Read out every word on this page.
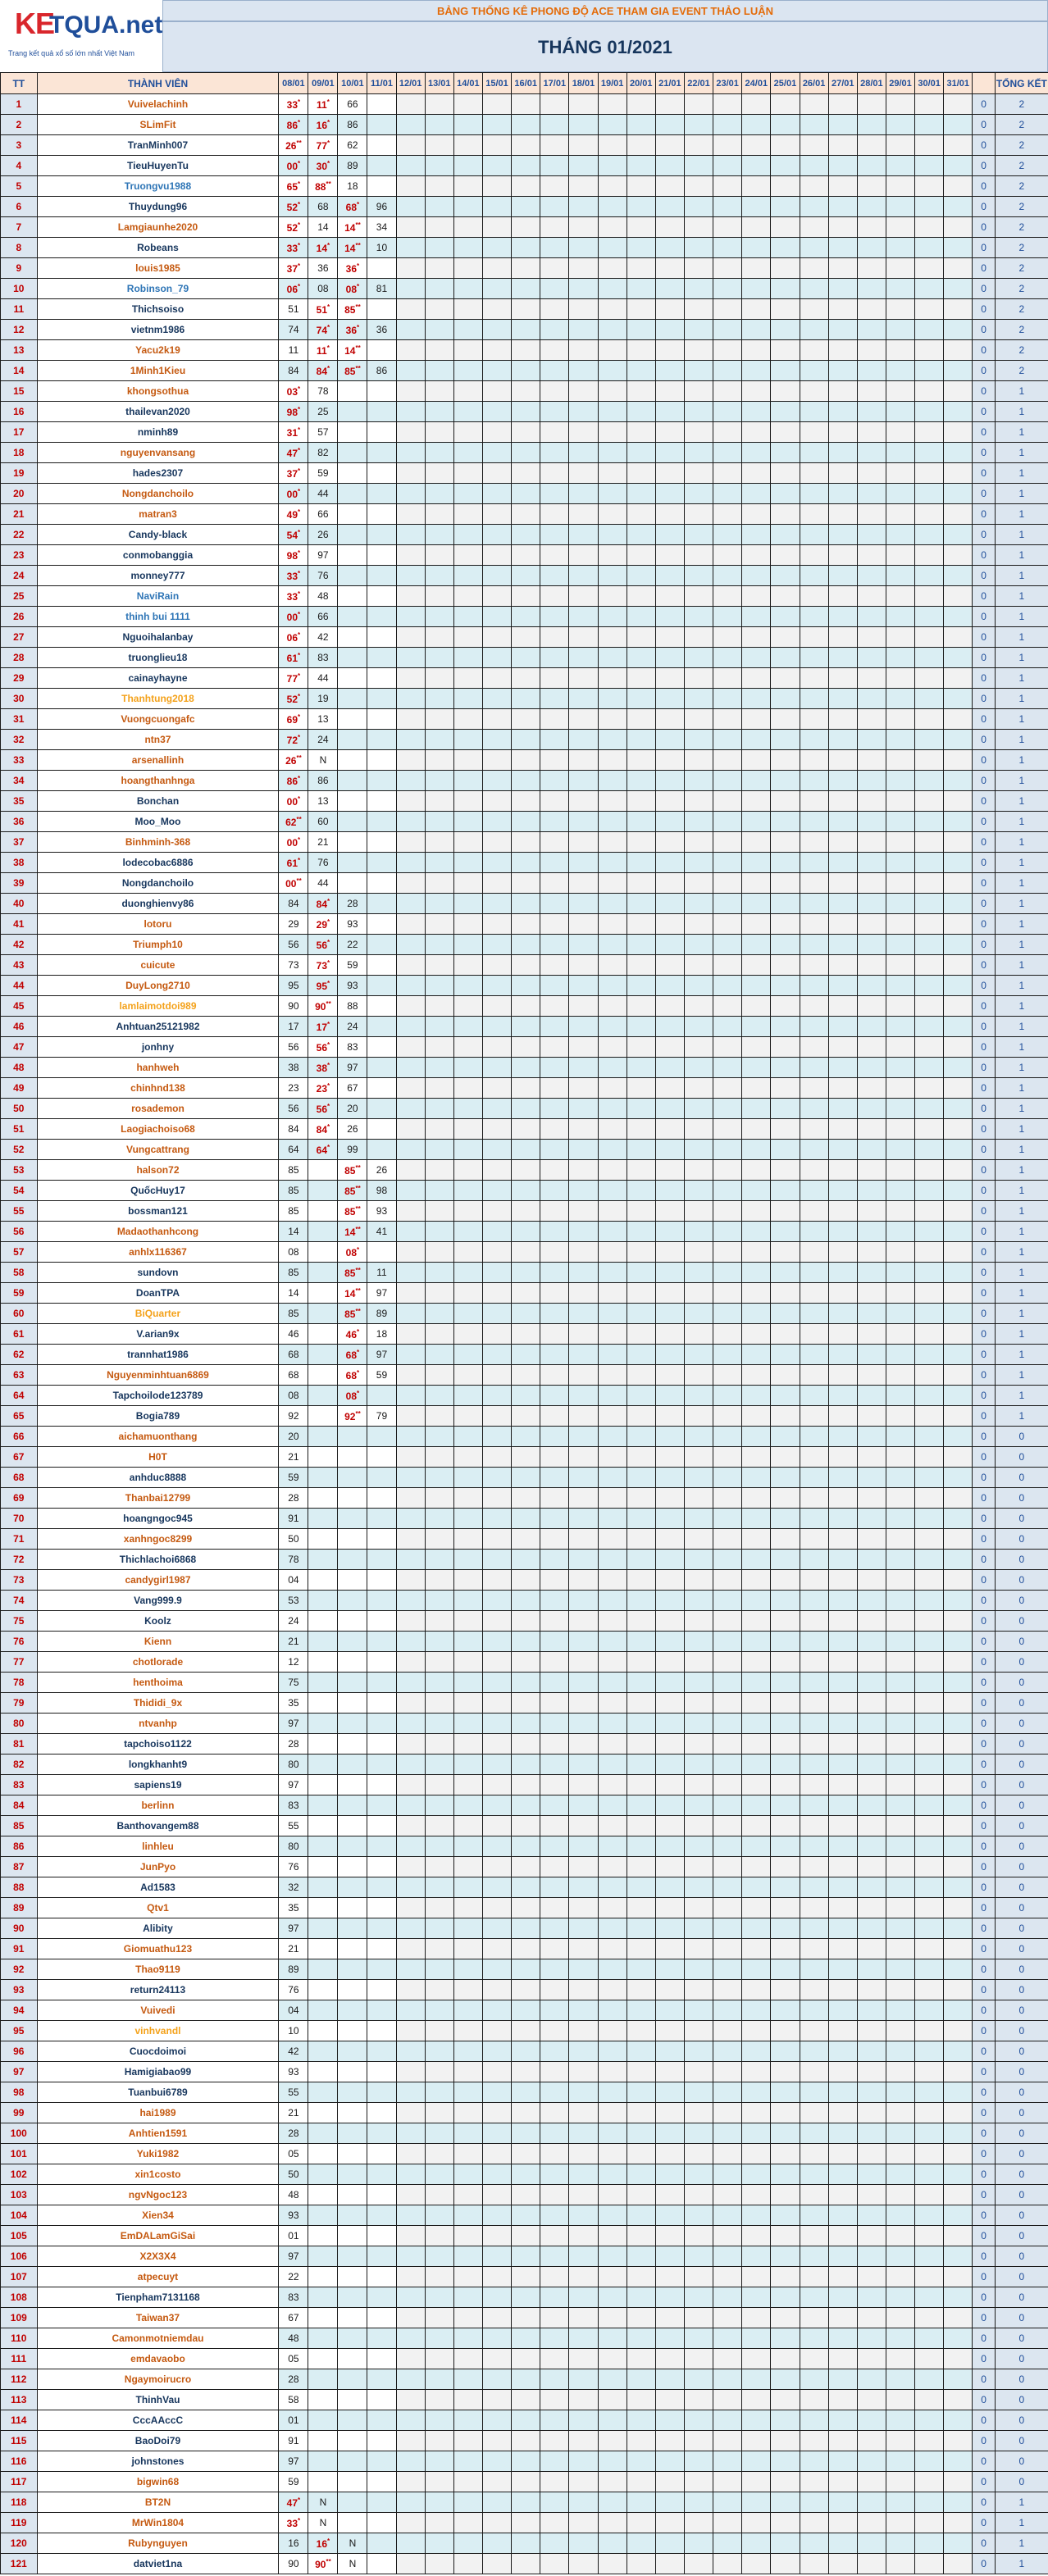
KE
TQUA.net
Trang kết quả xổ số lớn nhất Việt Nam
BẢNG THỐNG KÊ PHONG ĐỘ ACE THAM GIA EVENT THẢO LUẬN
THÁNG 01/2021
TT	THÀNH VIÊN	08/01	09/01	10/01	11/01	12/01	13/01	14/01	15/01	16/01	17/01	18/01	19/01	20/01	21/01	22/01	23/01	24/01	25/01	26/01	27/01	28/01	29/01	30/01	31/01		TỔNG KẾT
1	Vuivelachinh	33*	11*	66																						0	2
2	SLimFit	86*	16*	86																						0	2
3	TranMinh007	26**	77*	62																						0	2
4	TieuHuyenTu	00*	30*	89																						0	2
5	Truongvu1988	65*	88**	18																						0	2
6	Thuydung96	52*	68	68*	96																					0	2
7	Lamgiaunhe2020	52*	14	14**	34																					0	2
8	Robeans	33*	14*	14**	10																					0	2
9	louis1985	37*	36	36*																						0	2
10	Robinson_79	06*	08	08*	81																					0	2
11	Thichsoiso	51	51*	85**																						0	2
12	vietnm1986	74	74*	36*	36																					0	2
13	Yacu2k19	11	11*	14**																						0	2
14	1Minh1Kieu	84	84*	85**	86																					0	2
15	khongsothua	03*	78																							0	1
16	thailevan2020	98*	25																							0	1
17	nminh89	31*	57																							0	1
18	nguyenvansang	47*	82																							0	1
19	hades2307	37*	59																							0	1
20	Nongdanchoilo	00*	44																							0	1
21	matran3	49*	66																							0	1
22	Candy-black	54*	26																							0	1
23	conmobanggia	98*	97																							0	1
24	monney777	33*	76																							0	1
25	NaviRain	33*	48																							0	1
26	thinh bui 1111	00*	66																							0	1
27	Nguoihalanbay	06*	42																							0	1
28	truonglieu18	61*	83																							0	1
29	cainayhayne	77*	44																							0	1
30	Thanhtung2018	52*	19																							0	1
31	Vuongcuongafc	69*	13																							0	1
32	ntn37	72*	24																							0	1
33	arsenallinh	26**	N																							0	1
34	hoangthanhnga	86*	86																							0	1
35	Bonchan	00*	13																							0	1
36	Moo_Moo	62**	60																							0	1
37	Binhminh-368	00*	21																							0	1
38	lodecobac6886	61*	76																							0	1
39	Nongdanchoilo	00**	44																							0	1
40	duonghienvy86	84	84*	28																						0	1
41	lotoru	29	29*	93																						0	1
42	Triumph10	56	56*	22																						0	1
43	cuicute	73	73*	59																						0	1
44	DuyLong2710	95	95*	93																						0	1
45	lamlaimotdoi989	90	90**	88																						0	1
46	Anhtuan25121982	17	17*	24																						0	1
47	jonhny	56	56*	83																						0	1
48	hanhweh	38	38*	97																						0	1
49	chinhnd138	23	23*	67																						0	1
50	rosademon	56	56*	20																						0	1
51	Laogiachoiso68	84	84*	26																						0	1
52	Vungcattrang	64	64*	99																						0	1
53	halson72	85		85**	26																					0	1
54	QuốcHuy17	85		85**	98																					0	1
55	bossman121	85		85**	93																					0	1
56	Madaothanhcong	14		14**	41																					0	1
57	anhlx116367	08		08*																						0	1
58	sundovn	85		85**	11																					0	1
59	DoanTPA	14		14**	97																					0	1
60	BiQuarter	85		85**	89																					0	1
61	V.arian9x	46		46*	18																					0	1
62	trannhat1986	68		68*	97																					0	1
63	Nguyenminhtuan6869	68		68*	59																					0	1
64	Tapchoilode123789	08		08*																						0	1
65	Bogia789	92		92**	79																					0	1
66	aichamuonthang	20																								0	0
67	H0T	21																								0	0
68	anhduc8888	59																								0	0
69	Thanbai12799	28																								0	0
70	hoangngoc945	91																								0	0
71	xanhngoc8299	50																								0	0
72	Thichlachoi6868	78																								0	0
73	candygirl1987	04																								0	0
74	Vang999.9	53																								0	0
75	Koolz	24																								0	0
76	Kienn	21																								0	0
77	chotlorade	12																								0	0
78	henthoima	75																								0	0
79	Thididi_9x	35																								0	0
80	ntvanhp	97																								0	0
81	tapchoiso1122	28																								0	0
82	longkhanht9	80																								0	0
83	sapiens19	97																								0	0
84	berlinn	83																								0	0
85	Banthovangem88	55																								0	0
86	linhleu	80																								0	0
87	JunPyo	76																								0	0
88	Ad1583	32																								0	0
89	Qtv1	35																								0	0
90	Alibity	97																								0	0
91	Giomuathu123	21																								0	0
92	Thao9119	89																								0	0
93	return24113	76																								0	0
94	Vuivedi	04																								0	0
95	vinhvandl	10																								0	0
96	Cuocdoimoi	42																								0	0
97	Hamigiabao99	93																								0	0
98	Tuanbui6789	55																								0	0
99	hai1989	21																								0	0
100	Anhtien1591	28																								0	0
101	Yuki1982	05																								0	0
102	xin1costo	50																								0	0
103	ngvNgoc123	48																								0	0
104	Xien34	93																								0	0
105	EmDALamGiSai	01																								0	0
106	X2X3X4	97																								0	0
107	atpecuyt	22																								0	0
108	Tienpham7131168	83																								0	0
109	Taiwan37	67																								0	0
110	Camonmotniemdau	48																								0	0
111	emdavaobo	05																								0	0
112	Ngaymoirucro	28																								0	0
113	ThinhVau	58																								0	0
114	CccAAccC	01																								0	0
115	BaoDoi79	91																								0	0
116	johnstones	97																								0	0
117	bigwin68	59																								0	0
118	BT2N	47*	N																							0	1
119	MrWin1804	33*	N																							0	1
120	Rubynguyen	16	16*	N																						0	1
121	datviet1na	90	90**	N																						0	1
